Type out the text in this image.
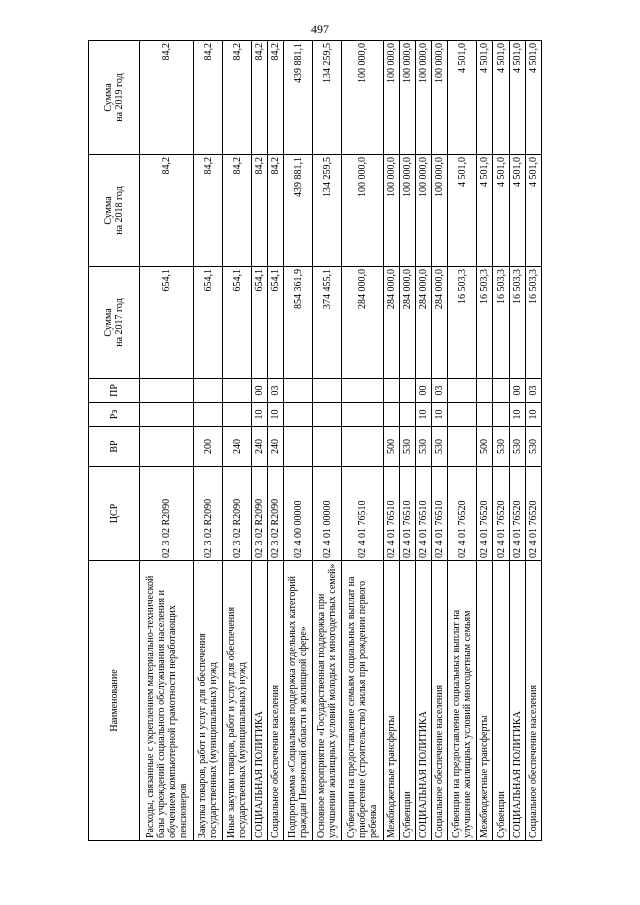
497
Наименование	ЦСР	ВР	Рз	ПР	Сумма на 2017 год	Сумма на 2018 год	Сумма на 2019 год

Расходы, связанные с укреплением материально-технической базы учреждений социального обслуживания населения и обучением компьютерной грамотности неработающих пенсионеров	02 3 02 R2090				654,1	84,2	84,2
Закупка товаров, работ и услуг для обеспечения государственных (муниципальных) нужд	02 3 02 R2090	200			654,1	84,2	84,2
Иные закупки товаров, работ и услуг для обеспечения государственных (муниципальных) нужд	02 3 02 R2090	240			654,1	84,2	84,2
СОЦИАЛЬНАЯ ПОЛИТИКА	02 3 02 R2090	240	10	00	654,1	84,2	84,2
Социальное обеспечение населения	02 3 02 R2090	240	10	03	654,1	84,2	84,2
Подпрограмма «Социальная поддержка отдельных категорий граждан Пензенской области в жилищной сфере»	02 4 00 00000				854 361,9	439 881,1	439 881,1
Основное мероприятие «Государственная поддержка при улучшении жилищных условий молодых и многодетных семей»	02 4 01 00000				374 455,1	134 259,5	134 259,5
Субвенции на предоставление семьям социальных выплат на приобретение (строительство) жилья при рождении первого ребенка	02 4 01 76510				284 000,0	100 000,0	100 000,0
Межбюджетные трансферты	02 4 01 76510	500			284 000,0	100 000,0	100 000,0
Субвенции	02 4 01 76510	530			284 000,0	100 000,0	100 000,0
СОЦИАЛЬНАЯ ПОЛИТИКА	02 4 01 76510	530	10	00	284 000,0	100 000,0	100 000,0
Социальное обеспечение населения	02 4 01 76510	530	10	03	284 000,0	100 000,0	100 000,0
Субвенции на предоставление социальных выплат на улучшение жилищных условий многодетным семьям	02 4 01 76520				16 503,3	4 501,0	4 501,0
Межбюджетные трансферты	02 4 01 76520	500			16 503,3	4 501,0	4 501,0
Субвенции	02 4 01 76520	530			16 503,3	4 501,0	4 501,0
СОЦИАЛЬНАЯ ПОЛИТИКА	02 4 01 76520	530	10	00	16 503,3	4 501,0	4 501,0
Социальное обеспечение населения	02 4 01 76520	530	10	03	16 503,3	4 501,0	4 501,0
